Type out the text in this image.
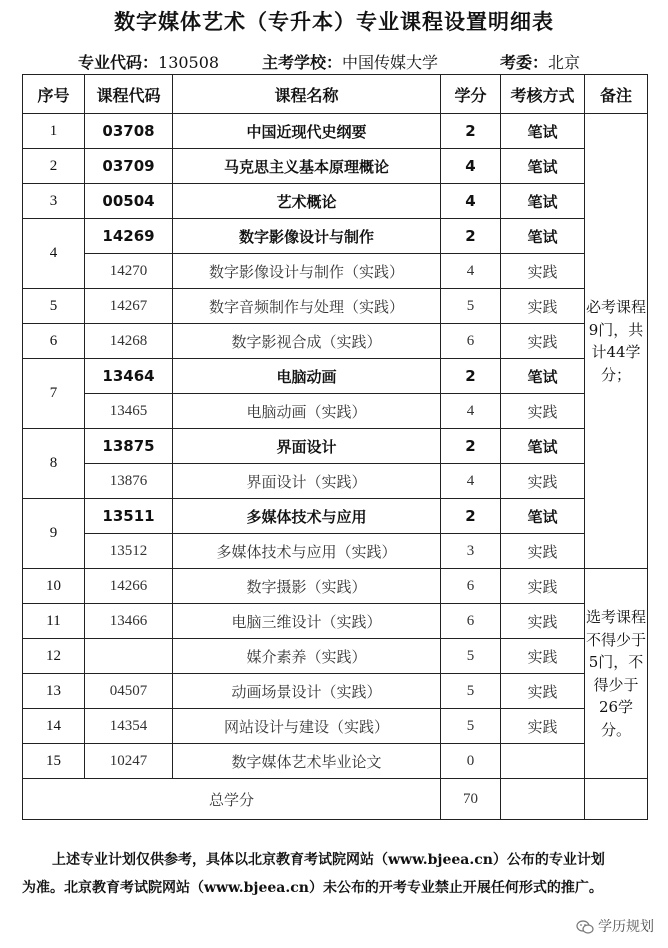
数字媒体艺术（专升本）专业课程设置明细表
专业代码：130508	主考学校：中国传媒大学	考委：北京
序号	课程代码	课程名称	学分	考核方式	备注
1	03708	中国近现代史纲要	2	笔试	必考课程9门，共计44学分；

2	03709	马克思主义基本原理概论	4	笔试	
3	00504	艺术概论	4	笔试	
4	14269	数字影像设计与制作	2	笔试	
	14270	数字影像设计与制作（实践）	4	实践	
5	14267	数字音频制作与处理（实践）	5	实践	
6	14268	数字影视合成（实践）	6	实践	
7	13464	电脑动画	2	笔试	
	13465	电脑动画（实践）	4	实践	
8	13875	界面设计	2	笔试	
	13876	界面设计（实践）	4	实践	
9	13511	多媒体技术与应用	2	笔试	
	13512	多媒体技术与应用（实践）	3	实践	
10	14266	数字摄影（实践）	6	实践	选考课程不得少于5门，不得少于26学分。

11	13466	电脑三维设计（实践）	6	实践	
12		媒介素养（实践）	5	实践	
13	04507	动画场景设计（实践）	5	实践	
14	14354	网站设计与建设（实践）	5	实践	
15	10247	数字媒体艺术毕业论文	0		
总学分			70		
上述专业计划仅供参考，具体以北京教育考试院网站（www.bjeea.cn）公布的专业计划
为准。北京教育考试院网站（www.bjeea.cn）未公布的开考专业禁止开展任何形式的推广。
学历规划
